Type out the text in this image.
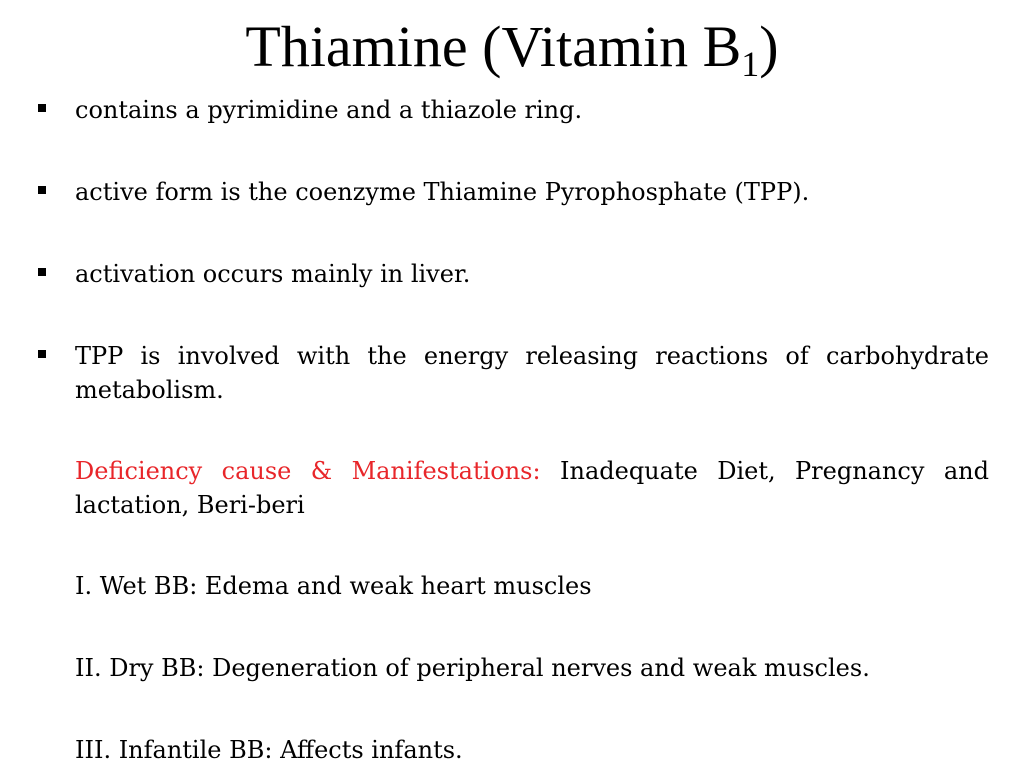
Thiamine (Vitamin B1)
contains a pyrimidine and a thiazole ring.
active form is the coenzyme Thiamine Pyrophosphate (TPP).
activation occurs mainly in liver.
TPP is involved with the energy releasing reactions of carbohydrate metabolism.
Deficiency cause & Manifestations: Inadequate Diet, Pregnancy and lactation, Beri-beri
I. Wet BB: Edema and weak heart muscles
II. Dry BB: Degeneration of peripheral nerves and weak muscles.
III. Infantile BB: Affects infants.
